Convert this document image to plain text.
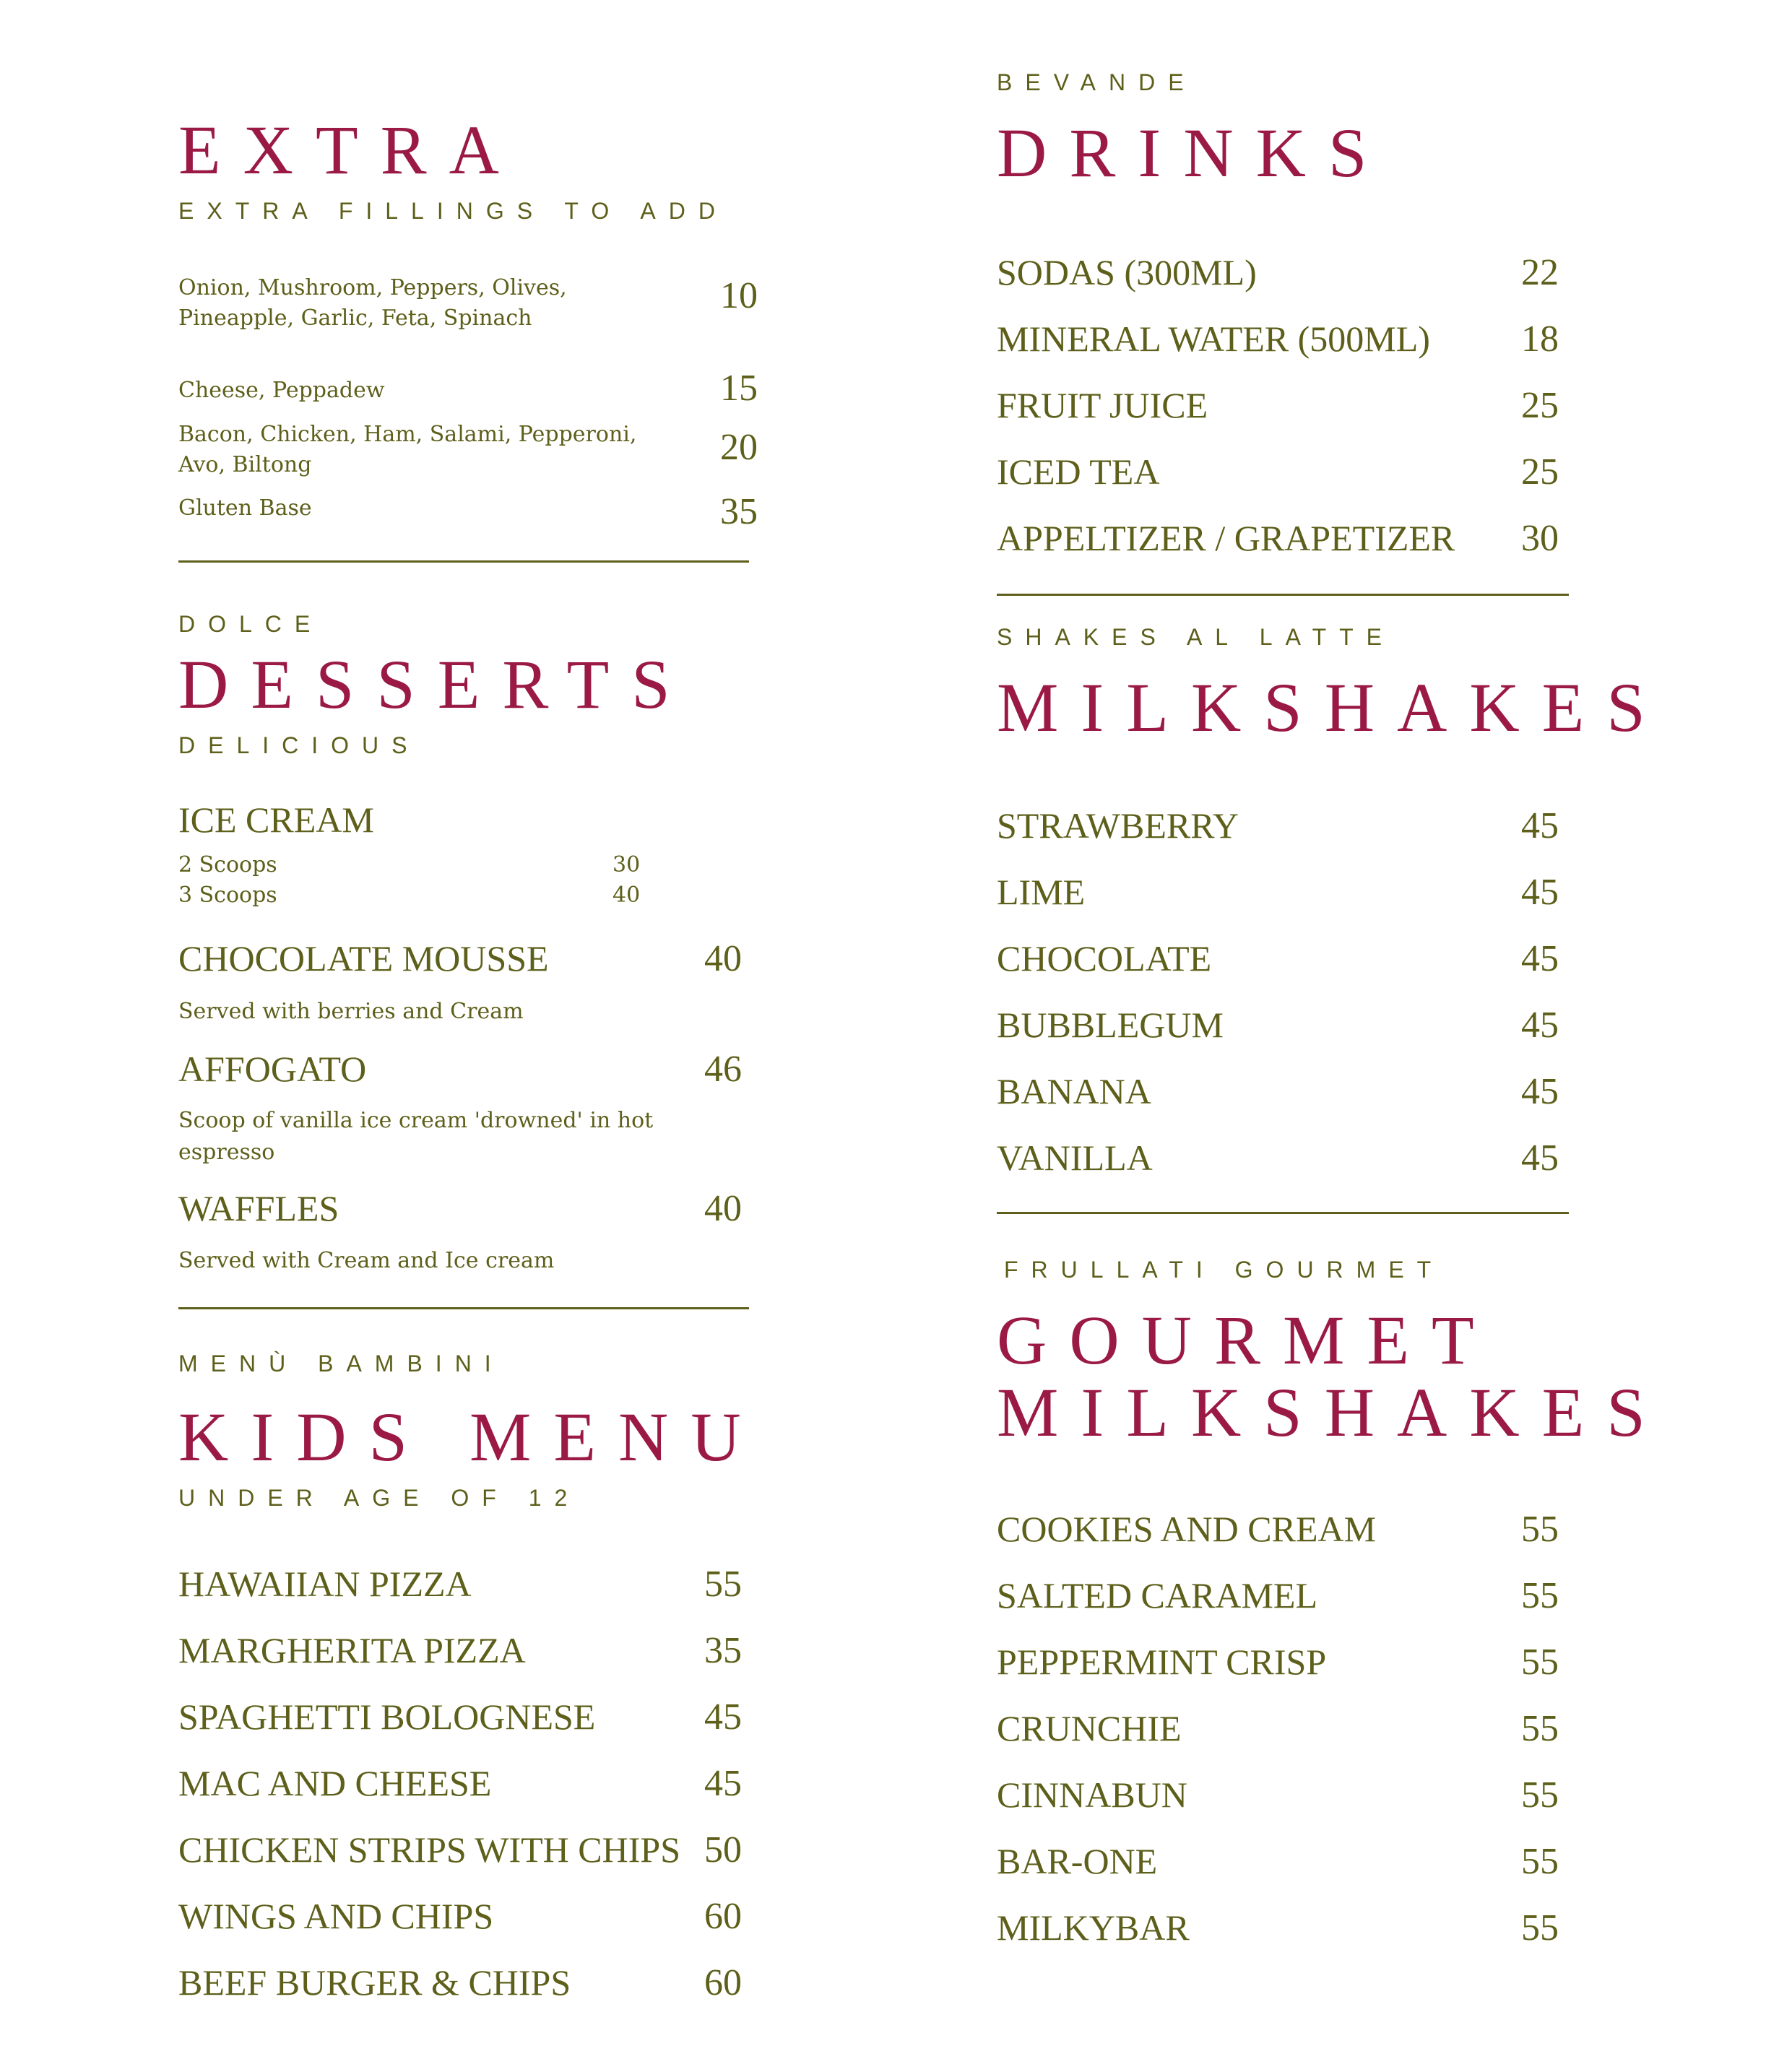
EXTRA
EXTRA FILLINGS TO ADD
Onion, Mushroom, Peppers, Olives,
Pineapple, Garlic, Feta, Spinach
10
Cheese, Peppadew	15
Bacon, Chicken, Ham, Salami, Pepperoni,
Avo, Biltong	20
Gluten Base	35
DOLCE
DESSERTS
DELICIOUS
ICE CREAM
2 Scoops	30
3 Scoops	40
CHOCOLATE MOUSSE	40
Served with berries and Cream
AFFOGATO	46
Scoop of vanilla ice cream 'drowned' in hot
espresso
WAFFLES	40
Served with Cream and Ice cream
MENÙ BAMBINI
KIDS MENU
UNDER AGE OF 12
HAWAIIAN PIZZA	55
MARGHERITA PIZZA	35
SPAGHETTI BOLOGNESE	45
MAC AND CHEESE	45
CHICKEN STRIPS WITH CHIPS 50
WINGS AND CHIPS	60
BEEF BURGER & CHIPS	60
BEVANDE
DRINKS
SODAS (300ML)	22
MINERAL WATER (500ML) 18
FRUIT JUICE	25
ICED TEA	25
APPELTIZER / GRAPETIZER 30
SHAKES AL LATTE
MILKSHAKES
STRAWBERRY	45
LIME	45
CHOCOLATE	45
BUBBLEGUM	45
BANANA	45
VANILLA	45
FRULLATI GOURMET
GOURMET
MILKSHAKES
COOKIES AND CREAM	55
SALTED CARAMEL	55
PEPPERMINT CRISP	55
CRUNCHIE	55
CINNABUN	55
BAR-ONE	55
MILKYBAR	55
